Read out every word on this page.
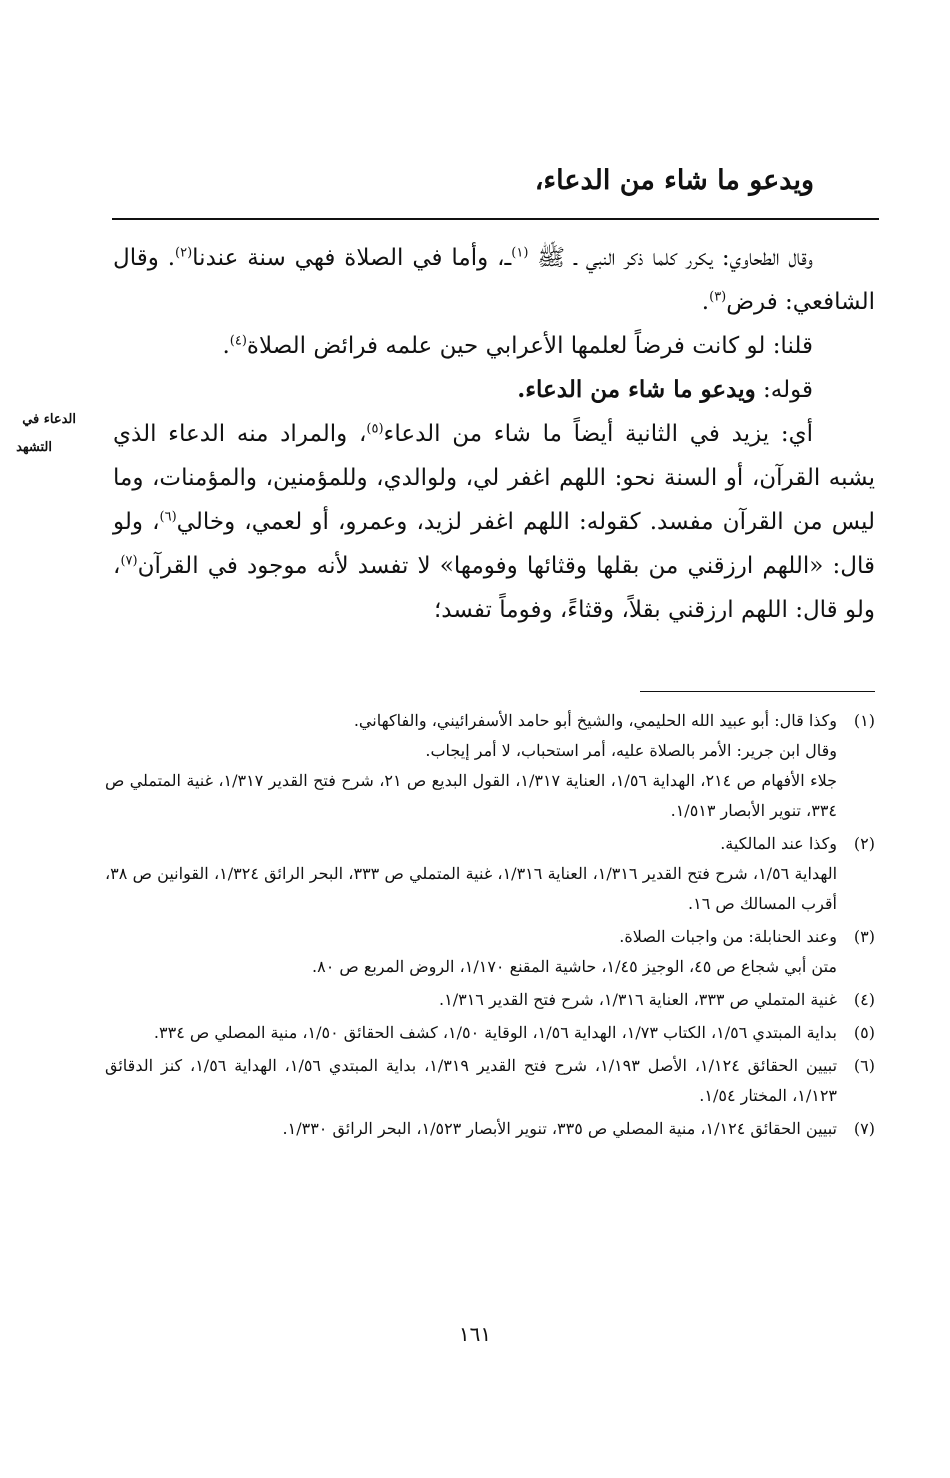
ويدعو ما شاء من الدعاء،
الدعاء في
التشهد

وقال الطحاوي: يكرر كلما ذكر النبي ـ ﷺ $^{(١)}$ـ، وأما في الصلاة فهي سنة عندنا$^{(٢)}$. وقال الشافعي: فرض$^{(٣)}$.

قلنا: لو كانت فرضاً لعلمها الأعرابي حين علمه فرائض الصلاة$^{(٤)}$.

قوله: ويدعو ما شاء من الدعاء.

أي: يزيد في الثانية أيضاً ما شاء من الدعاء$^{(٥)}$، والمراد منه الدعاء الذي يشبه القرآن، أو السنة نحو: اللهم اغفر لي، ولوالدي، وللمؤمنين، والمؤمنات، وما ليس من القرآن مفسد. كقوله: اللهم اغفر لزيد، وعمرو، أو لعمي، وخالي$^{(٦)}$، ولو قال: «اللهم ارزقني من بقلها وقثائها وفومها» لا تفسد لأنه موجود في القرآن$^{(٧)}$، ولو قال: اللهم ارزقني بقلاً، وقثاءً، وفوماً تفسد؛

(١)

وكذا قال: أبو عبيد الله الحليمي، والشيخ أبو حامد الأسفرائيني، والفاكهاني.

وقال ابن جرير: الأمر بالصلاة عليه، أمر استحباب، لا أمر إيجاب.

جلاء الأفهام ص ٢١٤، الهداية ١/٥٦، العناية ١/٣١٧، القول البديع ص ٢١، شرح فتح القدير ١/٣١٧، غنية المتملي ص ٣٣٤، تنوير الأبصار ١/٥١٣.

(٢)

وكذا عند المالكية.

الهداية ١/٥٦، شرح فتح القدير ١/٣١٦، العناية ١/٣١٦، غنية المتملي ص ٣٣٣، البحر الرائق ١/٣٢٤، القوانين ص ٣٨، أقرب المسالك ص ١٦.

(٣)

وعند الحنابلة: من واجبات الصلاة.

متن أبي شجاع ص ٤٥، الوجيز ١/٤٥، حاشية المقنع ١/١٧٠، الروض المربع ص ٨٠.

(٤)

غنية المتملي ص ٣٣٣، العناية ١/٣١٦، شرح فتح القدير ١/٣١٦.

(٥)

بداية المبتدي ١/٥٦، الكتاب ١/٧٣، الهداية ١/٥٦، الوقاية ١/٥٠، كشف الحقائق ١/٥٠، منية المصلي ص ٣٣٤.

(٦)

تبيين الحقائق ١/١٢٤، الأصل ١/١٩٣، شرح فتح القدير ١/٣١٩، بداية المبتدي ١/٥٦، الهداية ١/٥٦، كنز الدقائق ١/١٢٣، المختار ١/٥٤.

(٧)

تبيين الحقائق ١/١٢٤، منية المصلي ص ٣٣٥، تنوير الأبصار ١/٥٢٣، البحر الرائق ١/٣٣٠.

١٦١
